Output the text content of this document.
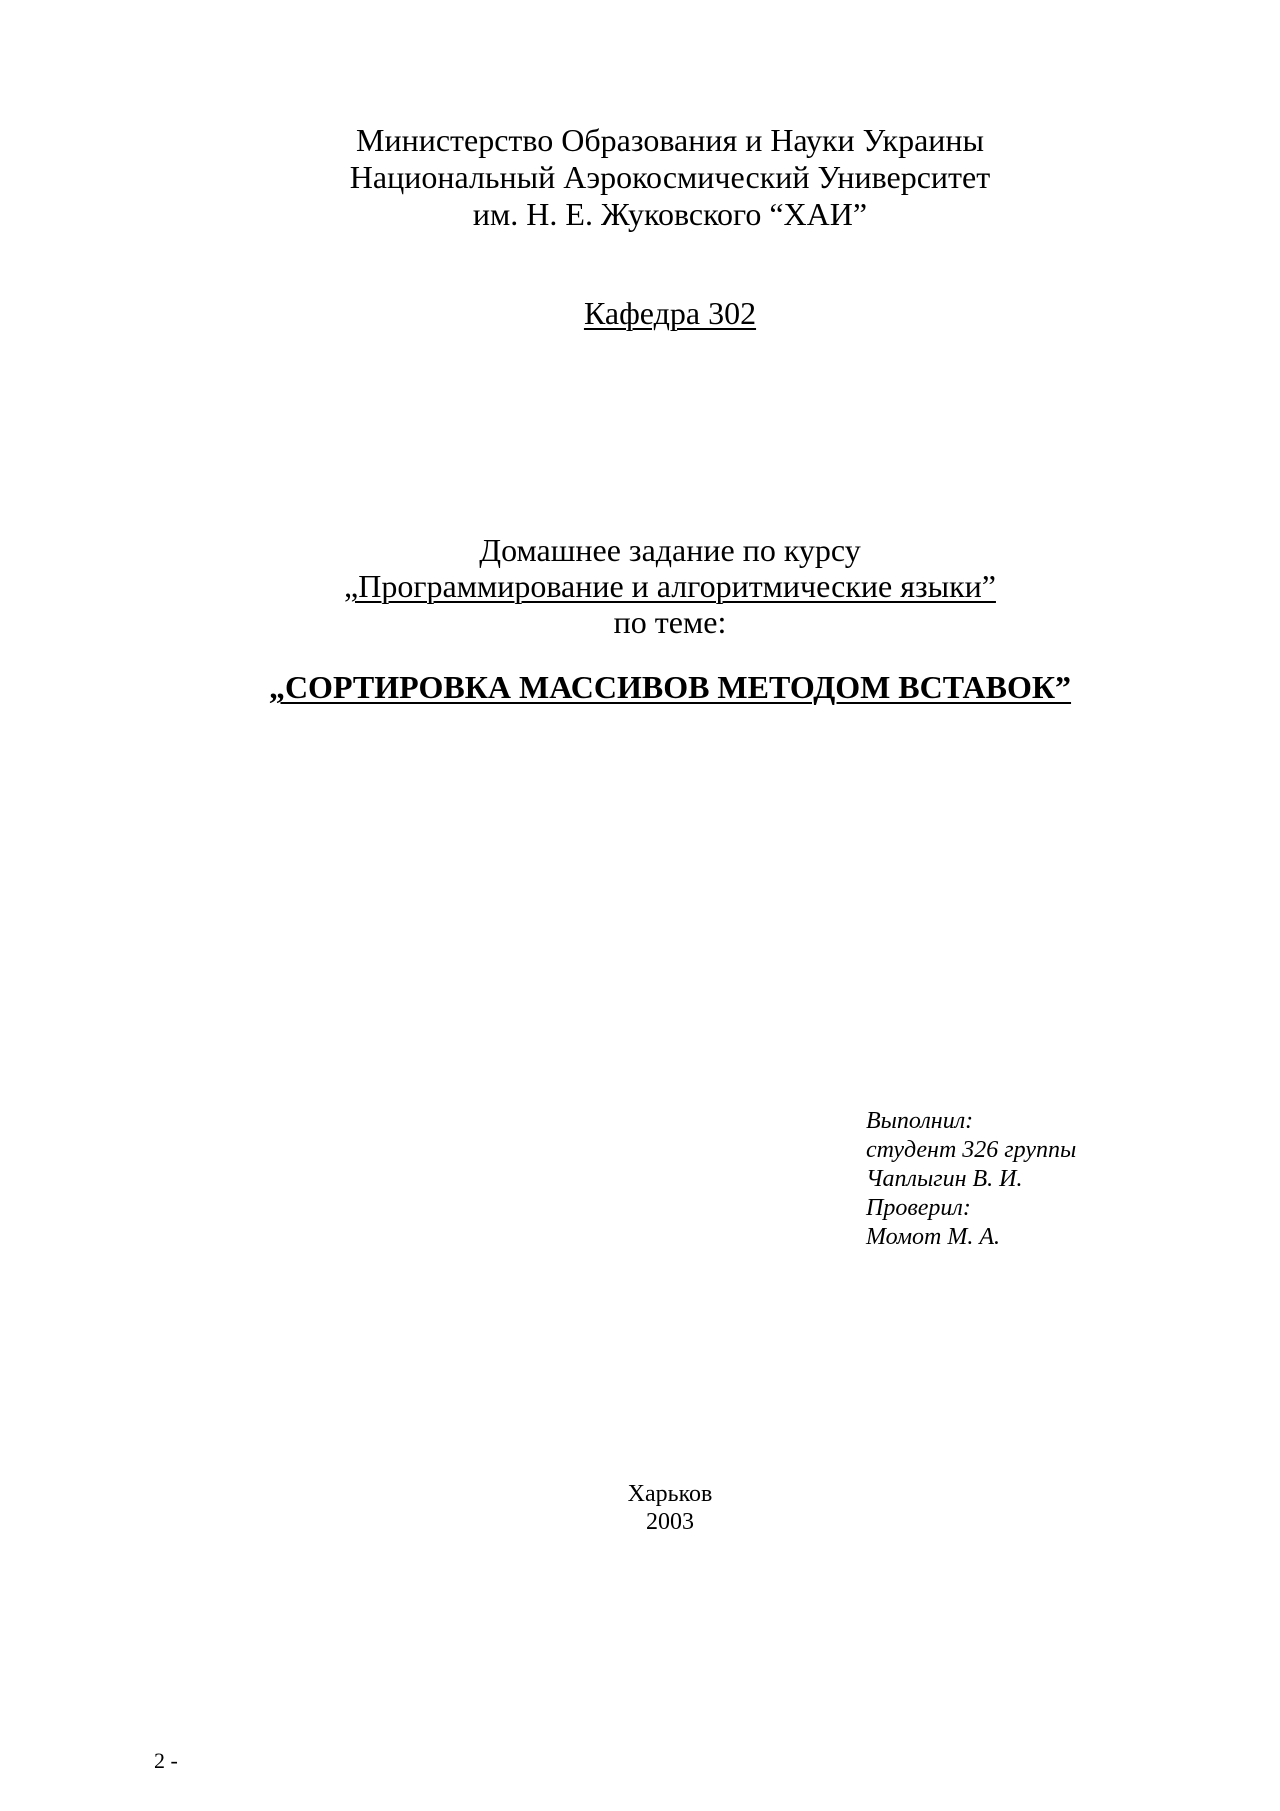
Министерство Образования и Науки Украины
Национальный Аэрокосмический Университет
им. Н. Е. Жуковского “ХАИ”
Кафедра 302
Домашнее задание по курсу
„Программирование и алгоритмические языки”
по теме:
„СОРТИРОВКА МАССИВОВ МЕТОДОМ ВСТАВОК”
Выполнил:
студент 326 группы
Чаплыгин В. И.
Проверил:
Момот М. А.
Харьков
2003
2 -
